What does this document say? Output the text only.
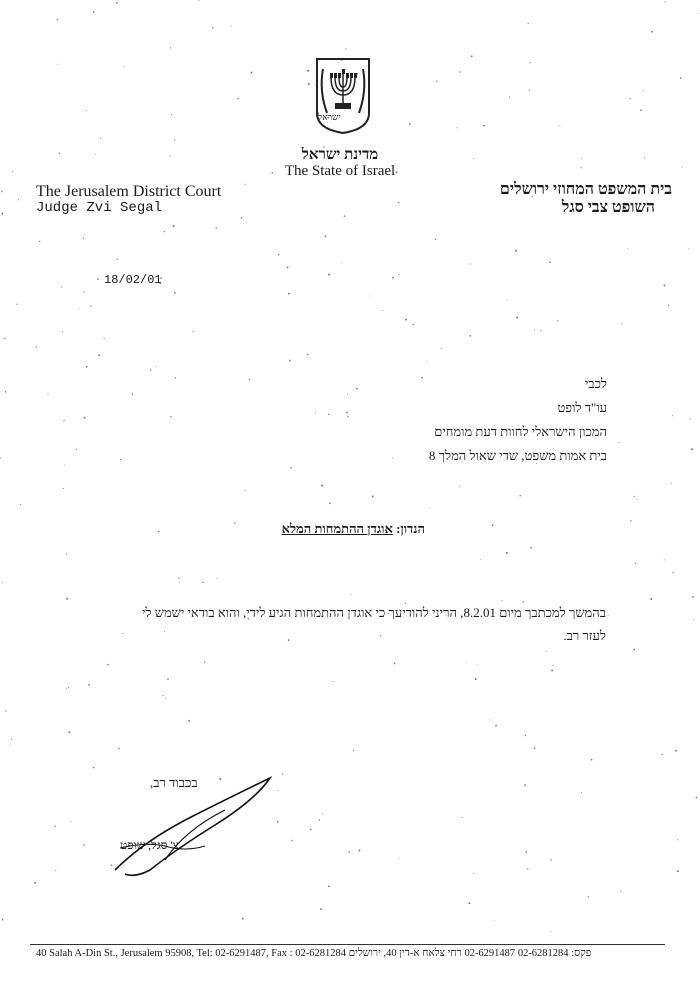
ישראל
מדינת ישראל
The State of Israel
The Jerusalem District Court
Judge Zvi Segal
בית המשפט המחוזי ירושלים
השופט צבי סגל
18/02/01
לכבי
עו"ד לופט
המכון הישראלי לחוות דעת מומחים
בית אמות משפט, שדי שאול המלך 8
הנדון: אוגדן ההתמחות המלא
בהמשך למכתבך מיום 8.2.01, הריני להודיעך כי אוגדן ההתמחות הגיע לידי, והוא בודאי ישמש לי
לעזר רב.
בכבוד רב,
צ' סגל, שופט
40 Salah A-Din St., Jerusalem 95908, Tel: 02-6291487, Fax : 02-6281284 פקס: 02-6281284 02-6291487 רחי צלאח א-דין 40, ירושלים
